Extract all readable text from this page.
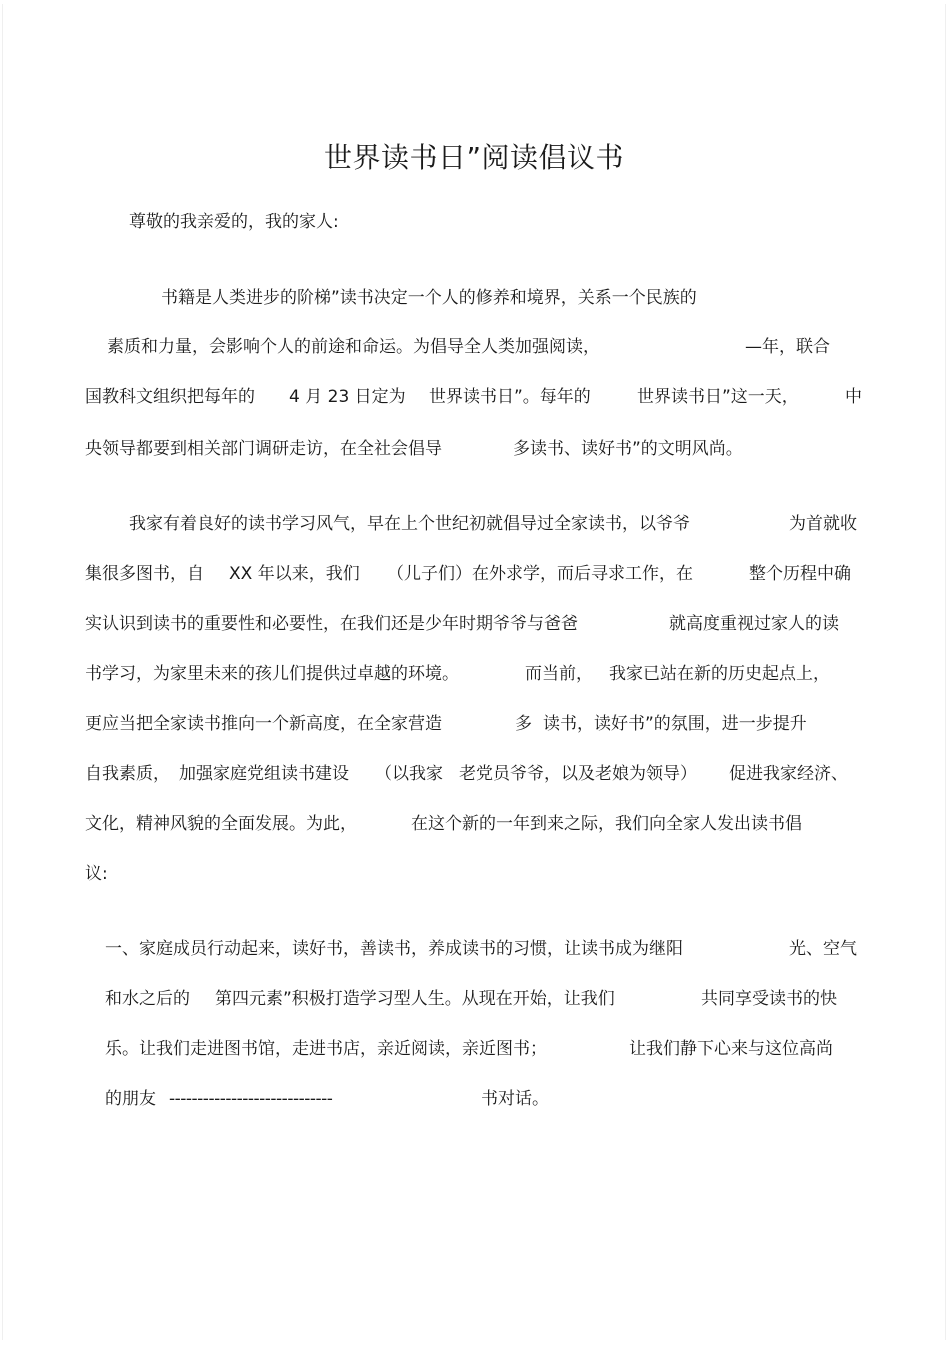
世界读书日”阅读倡议书
尊敬的我亲爱的，我的家人:
书籍是人类进步的阶梯”读书决定一个人的修养和境界，关系一个民族的
素质和力量，会影响个人的前途和命运。为倡导全人类加强阅读，	—年，联合
国教科文组织把每年的 4 月 23 日定为 世界读书日”。每年的	世界读书日”这一天，	中
央领导都要到相关部门调研走访，在全社会倡导	多读书、读好书”的文明风尚。
我家有着良好的读书学习风气，早在上个世纪初就倡导过全家读书，以爷爷	为首就收
集很多图书，自 XX 年以来，我们 （儿子们）在外求学，而后寻求工作，在	整个历程中确
实认识到读书的重要性和必要性，在我们还是少年时期爷爷与爸爸	就高度重视过家人的读
书学习，为家里未来的孩儿们提供过卓越的环境。	而当前， 我家已站在新的历史起点上，
更应当把全家读书推向一个新高度，在全家营造	多 读书，读好书”的氛围，进一步提升
自我素质， 加强家庭党组读书建设 （以我家 老党员爷爷，以及老娘为领导） 促进我家经济、
文化，精神风貌的全面发展。为此，	在这个新的一年到来之际，我们向全家人发出读书倡
议:
一、家庭成员行动起来，读好书，善读书，养成读书的习惯，让读书成为继阳	光、空气
和水之后的 第四元素”积极打造学习型人生。从现在开始，让我们	共同享受读书的快
乐。让我们走进图书馆，走进书店，亲近阅读，亲近图书；	让我们静下心来与这位高尚
的朋友 -----------------------------	书对话。
